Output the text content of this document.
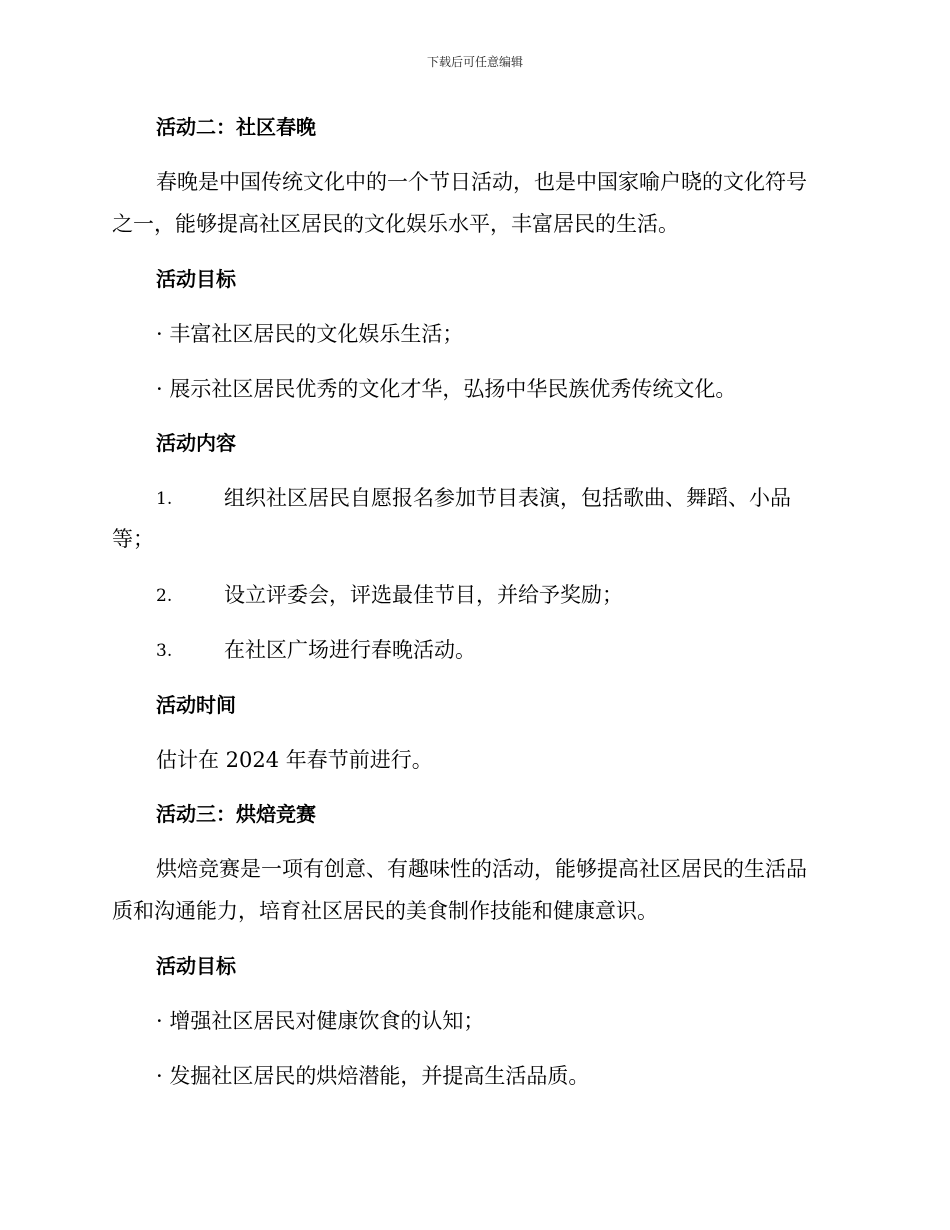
下载后可任意编辑
活动二：社区春晚
春晚是中国传统文化中的一个节日活动，也是中国家喻户晓的文化符号
之一，能够提高社区居民的文化娱乐水平，丰富居民的生活。
活动目标
· 丰富社区居民的文化娱乐生活；
· 展示社区居民优秀的文化才华，弘扬中华民族优秀传统文化。
活动内容
1. 组织社区居民自愿报名参加节目表演，包括歌曲、舞蹈、小品
等；
2. 设立评委会，评选最佳节目，并给予奖励；
3. 在社区广场进行春晚活动。
活动时间
估计在 2024 年春节前进行。
活动三：烘焙竞赛
烘焙竞赛是一项有创意、有趣味性的活动，能够提高社区居民的生活品
质和沟通能力，培育社区居民的美食制作技能和健康意识。
活动目标
· 增强社区居民对健康饮食的认知；
· 发掘社区居民的烘焙潜能，并提高生活品质。
